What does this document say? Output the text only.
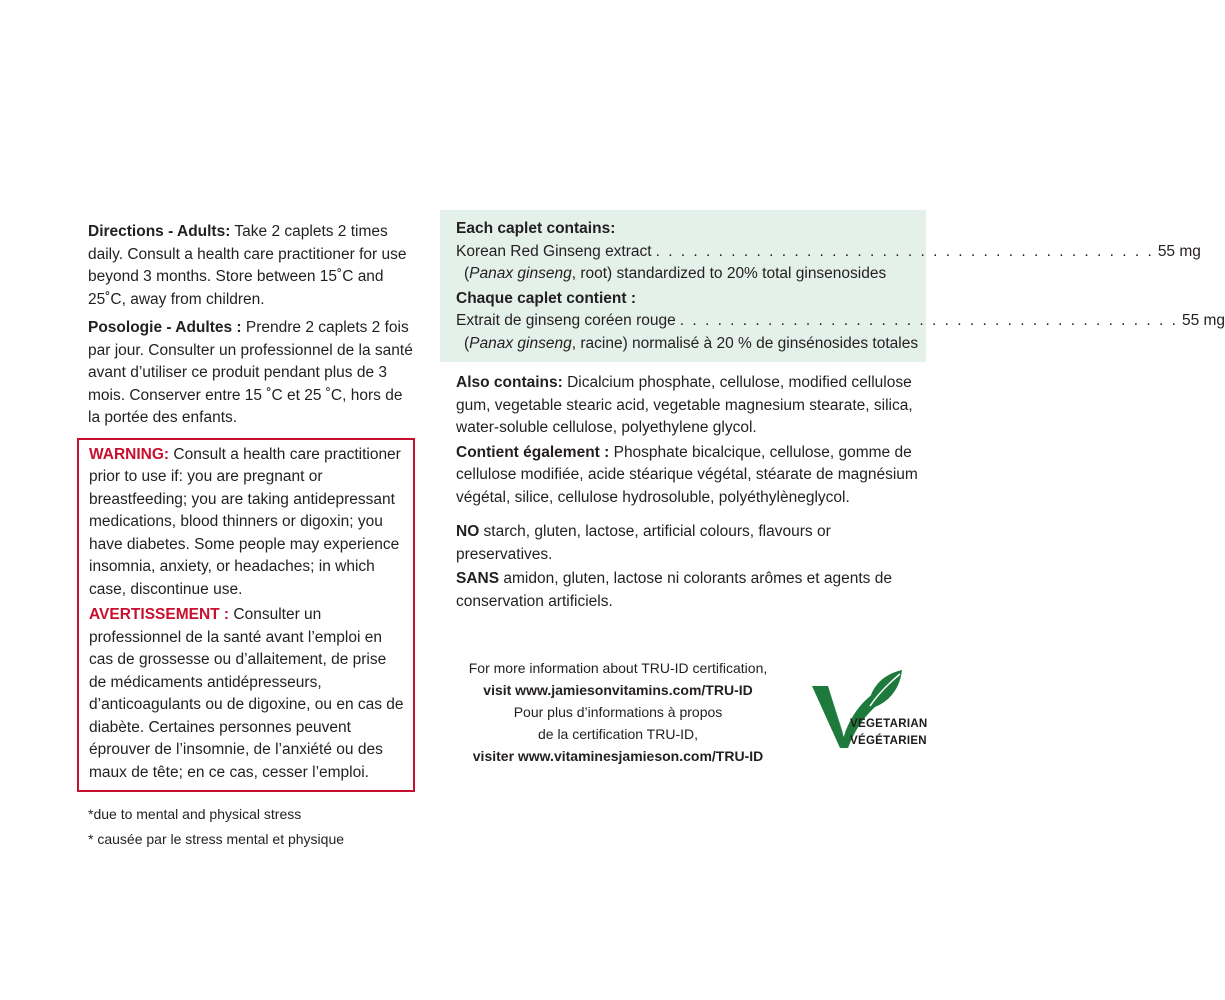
Directions - Adults: Take 2 caplets 2 times daily. Consult a health care practitioner for use beyond 3 months. Store between 15˚C and 25˚C, away from children.

Posologie - Adultes : Prendre 2 caplets 2 fois par jour. Consulter un professionnel de la santé avant d’utiliser ce produit pendant plus de 3 mois. Conserver entre 15 ˚C et 25 ˚C, hors de la portée des enfants.

WARNING: Consult a health care practitioner prior to use if: you are pregnant or breastfeeding; you are taking antidepressant medications, blood thinners or digoxin; you have diabetes. Some people may experience insomnia, anxiety, or headaches; in which case, discontinue use.

AVERTISSEMENT : Consulter un professionnel de la santé avant l’emploi en cas de grossesse ou d’allaitement, de prise de médicaments antidépresseurs, d’anticoagulants ou de digoxine, ou en cas de diabète. Certaines personnes peuvent éprouver de l’insomnie, de l’anxiété ou des maux de tête; en ce cas, cesser l’emploi.

*due to mental and physical stress

* causée par le stress mental et physique

Each caplet contains:

Korean Red Ginseng extract . . . . . . . . . . . . . . . . . . . . . . . . . . . . . . . . . . . . . . . . 55 mg

(Panax ginseng, root) standardized to 20% total ginsenosides

Chaque caplet contient :

Extrait de ginseng coréen rouge . . . . . . . . . . . . . . . . . . . . . . . . . . . . . . . . . . . . . . . . 55 mg

(Panax ginseng, racine) normalisé à 20 % de ginsénosides totales

Also contains: Dicalcium phosphate, cellulose, modified cellulose gum, vegetable stearic acid, vegetable magnesium stearate, silica, water-soluble cellulose, polyethylene glycol.

Contient également : Phosphate bicalcique, cellulose, gomme de cellulose modifiée, acide stéarique végétal, stéarate de magnésium végétal, silice, cellulose hydrosoluble, polyéthylèneglycol.

NO starch, gluten, lactose, artificial colours, flavours or preservatives.

SANS amidon, gluten, lactose ni colorants arômes et agents de conservation artificiels.

For more information about TRU-ID certification,

visit www.jamiesonvitamins.com/TRU-ID

Pour plus d’informations à propos

de la certification TRU-ID,

visiter www.vitaminesjamieson.com/TRU-ID

VEGETARIAN
VÉGÉTARIEN
